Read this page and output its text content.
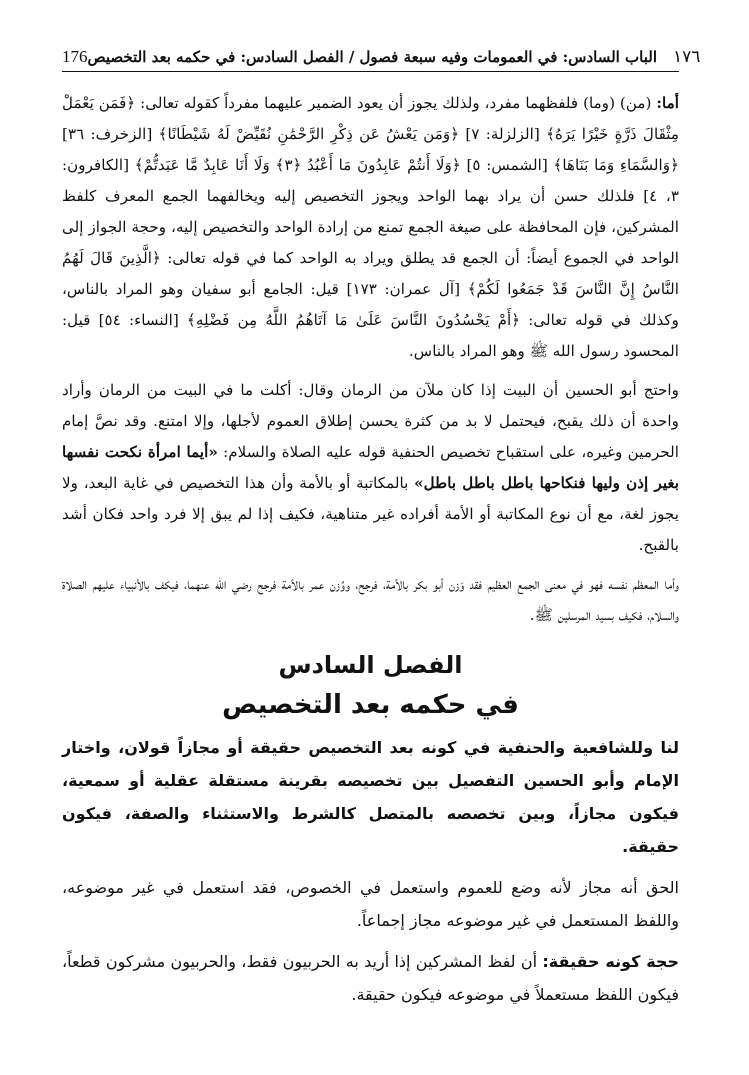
176	١٧٦الباب السادس: في العمومات وفيه سبعة فصول / الفصل السادس: في حكمه بعد التخصيص

أما: (من) (وما) فلفظهما مفرد، ولذلك يجوز أن يعود الضمير عليهما مفرداً كقوله تعالى: ﴿فَمَن يَعْمَلْ مِثْقَالَ ذَرَّةٍ خَيْرًا يَرَهُ﴾ [الزلزلة: ٧] ﴿وَمَن يَعْشُ عَن ذِكْرِ الرَّحْمَٰنِ نُقَيِّضْ لَهُ شَيْطَانًا﴾ [الزخرف: ٣٦] ﴿وَالسَّمَاءِ وَمَا بَنَاهَا﴾ [الشمس: ٥] ﴿وَلَا أَنتُمْ عَابِدُونَ مَا أَعْبُدُ ﴿٣﴾ وَلَا أَنَا عَابِدٌ مَّا عَبَدتُّمْ﴾ [الكافرون: ٣، ٤] فلذلك حسن أن يراد بهما الواحد ويجوز التخصيص إليه ويخالفهما الجمع المعرف كلفظ المشركين، فإن المحافظة على صيغة الجمع تمنع من إرادة الواحد والتخصيص إليه، وحجة الجواز إلى الواحد في الجموع أيضاً: أن الجمع قد يطلق ويراد به الواحد كما في قوله تعالى: ﴿الَّذِينَ قَالَ لَهُمُ النَّاسُ إِنَّ النَّاسَ قَدْ جَمَعُوا لَكُمْ﴾ [آل عمران: ١٧٣] قيل: الجامع أبو سفيان وهو المراد بالناس، وكذلك في قوله تعالى: ﴿أَمْ يَحْسُدُونَ النَّاسَ عَلَىٰ مَا آتَاهُمُ اللَّهُ مِن فَضْلِهِ﴾ [النساء: ٥٤] قيل: المحسود رسول الله ﷺ وهو المراد بالناس.

واحتج أبو الحسين أن البيت إذا كان ملآن من الرمان وقال: أكلت ما في البيت من الرمان وأراد واحدة أن ذلك يقبح، فيحتمل لا بد من كثرة يحسن إطلاق العموم لأجلها، وإلا امتنع. وقد نصَّ إمام الحرمين وغيره، على استقباح تخصيص الحنفية قوله عليه الصلاة والسلام: «أيما امرأة نكحت نفسها بغير إذن وليها فنكاحها باطل باطل باطل» بالمكاتبة أو بالأمة وأن هذا التخصيص في غاية البعد، ولا يجوز لغة، مع أن نوع المكاتبة أو الأمة أفراده غير متناهية، فكيف إذا لم يبق إلا فرد واحد فكان أشد بالقبح.

وأما المعظم نفسه فهو في معنى الجمع العظيم فقد وَزن أبو بكر بالأمة، فرجح، ووُزن عمر بالأمة فرجح رضي الله عنهما، فيكف بالأنبياء عليهم الصلاة والسلام، فكيف بسيد المرسلين ﷺ.

الفصل السادس
في حكمه بعد التخصيص

لنا وللشافعية والحنفية في كونه بعد التخصيص حقيقة أو مجازاً قولان، واختار الإمام وأبو الحسين التفصيل بين تخصيصه بقرينة مستقلة عقلية أو سمعية، فيكون مجازاً، وبين تخصصه بالمتصل كالشرط والاستثناء والصفة، فيكون حقيقة.

الحق أنه مجاز لأنه وضع للعموم واستعمل في الخصوص، فقد استعمل في غير موضوعه، واللفظ المستعمل في غير موضوعه مجاز إجماعاً.

حجة كونه حقيقة: أن لفظ المشركين إذا أريد به الحربيون فقط، والحربيون مشركون قطعاً، فيكون اللفظ مستعملاً في موضوعه فيكون حقيقة.
